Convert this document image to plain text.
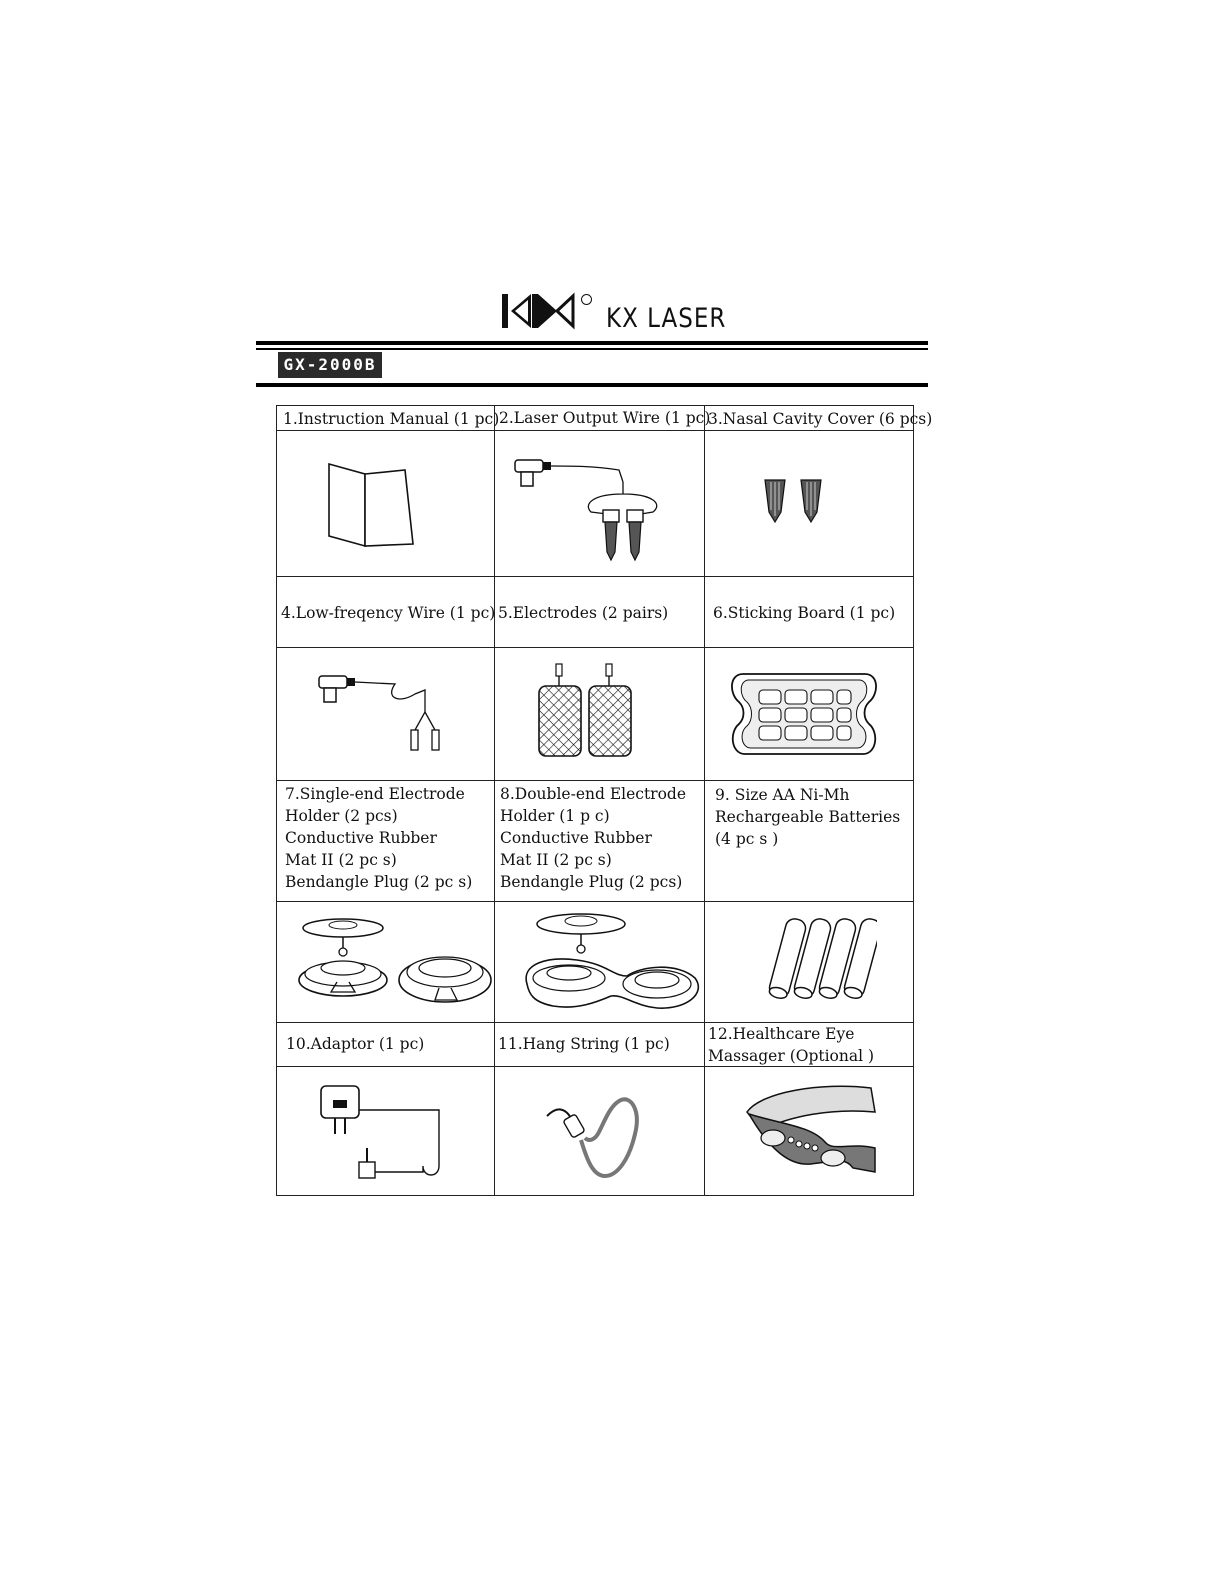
KX LASER
GX-2000B
1.Instruction Manual (1 pc) 2.Laser Output Wire (1 pc)
3.Nasal Cavity Cover (6 pcs)
4.Low-freqency Wire (1 pc) 5.Electrodes (2 pairs)	6.Sticking Board (1 pc)
7.Single-end Electrode
Holder (2 pcs)
Conductive Rubber
Mat II (2 pc s)
Bendangle Plug (2 pc s)
8.Double-end Electrode
Holder (1 p c)
Conductive Rubber
Mat II (2 pc s)
Bendangle Plug (2 pcs)
9. Size AA Ni-Mh
Rechargeable Batteries
(4 pc s )
10.Adaptor (1 pc)	11.Hang String (1 pc)
12.Healthcare Eye
Massager (Optional )
